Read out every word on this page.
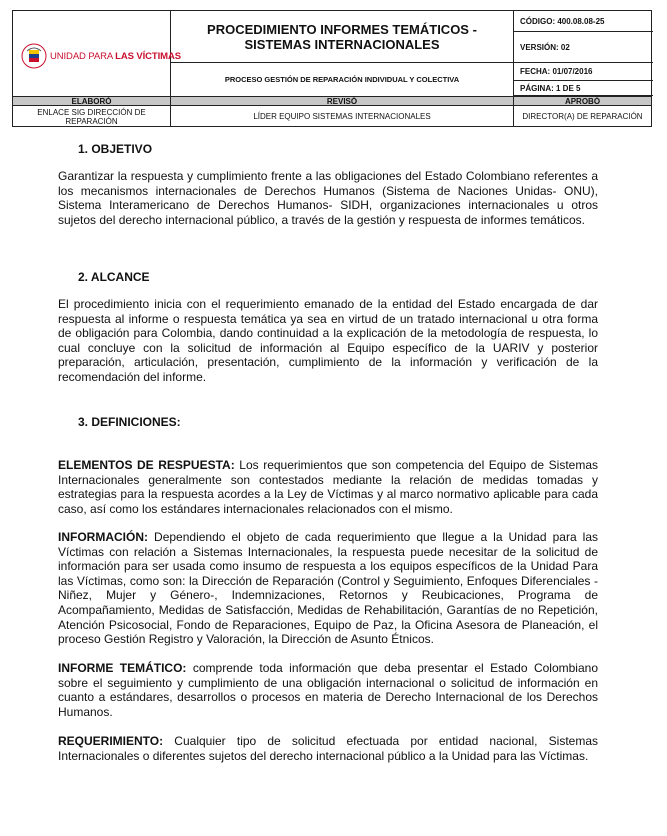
UNIDAD PARA LAS VÍCTIMAS
PROCEDIMIENTO INFORMES TEMÁTICOS -
SISTEMAS INTERNACIONALES
PROCESO GESTIÓN DE REPARACIÓN INDIVIDUAL Y COLECTIVA
CÓDIGO: 400.08.08-25
VERSIÓN: 02
FECHA: 01/07/2016
PÁGINA: 1 DE 5
ELABORÓ	REVISÓ	APROBÓ
ENLACE SIG DIRECCIÓN DE REPARACIÓN	LÍDER EQUIPO SISTEMAS INTERNACIONALES	DIRECTOR(A) DE REPARACIÓN
1. OBJETIVO
Garantizar la respuesta y cumplimiento frente a las obligaciones del Estado Colombiano referentes a los mecanismos internacionales de Derechos Humanos (Sistema de Naciones Unidas- ONU), Sistema Interamericano de Derechos Humanos- SIDH, organizaciones internacionales u otros sujetos del derecho internacional público, a través de la gestión y respuesta de informes temáticos.
2. ALCANCE
El procedimiento inicia con el requerimiento emanado de la entidad del Estado encargada de dar respuesta al informe o respuesta temática ya sea en virtud de un tratado internacional u otra forma de obligación para Colombia, dando continuidad a la explicación de la metodología de respuesta, lo cual concluye con la solicitud de información al Equipo específico de la UARIV y posterior preparación, articulación, presentación, cumplimiento de la información y verificación de la recomendación del informe.
3. DEFINICIONES:
ELEMENTOS DE RESPUESTA: Los requerimientos que son competencia del Equipo de Sistemas Internacionales generalmente son contestados mediante la relación de medidas tomadas y estrategias para la respuesta acordes a la Ley de Víctimas y al marco normativo aplicable para cada caso, así como los estándares internacionales relacionados con el mismo.
INFORMACIÓN: Dependiendo el objeto de cada requerimiento que llegue a la Unidad para las Víctimas con relación a Sistemas Internacionales, la respuesta puede necesitar de la solicitud de información para ser usada como insumo de respuesta a los equipos específicos de la Unidad Para las Víctimas, como son: la Dirección de Reparación (Control y Seguimiento, Enfoques Diferenciales -Niñez, Mujer y Género-, Indemnizaciones, Retornos y Reubicaciones, Programa de Acompañamiento, Medidas de Satisfacción, Medidas de Rehabilitación, Garantías de no Repetición, Atención Psicosocial, Fondo de Reparaciones, Equipo de Paz, la Oficina Asesora de Planeación, el proceso Gestión Registro y Valoración, la Dirección de Asunto Étnicos.
INFORME TEMÁTICO: comprende toda información que deba presentar el Estado Colombiano sobre el seguimiento y cumplimiento de una obligación internacional o solicitud de información en cuanto a estándares, desarrollos o procesos en materia de Derecho Internacional de los Derechos Humanos.
REQUERIMIENTO: Cualquier tipo de solicitud efectuada por entidad nacional, Sistemas Internacionales o diferentes sujetos del derecho internacional público a la Unidad para las Víctimas.
